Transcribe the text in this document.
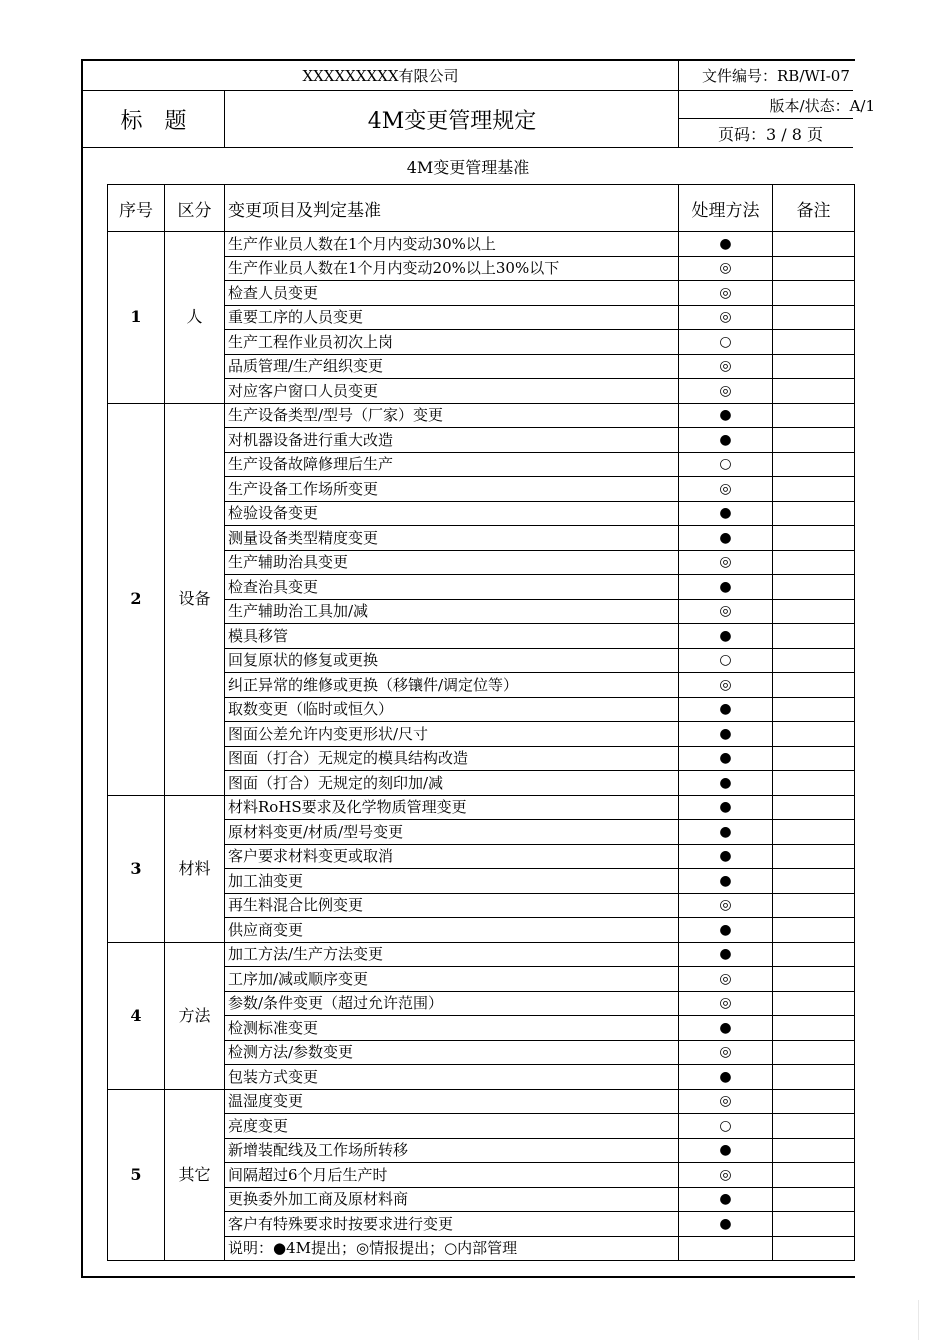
XXXXXXXXX有限公司	文件编号：RB/WI-07
标　题	4M变更管理规定
版本/状态：A/1
页码：3 / 8 页
4M变更管理基准
序号	区分	变更项目及判定基准	处理方法	备注
1	人	生产作业员人数在1个月内变动30%以上	●	
		生产作业员人数在1个月内变动20%以上30%以下	◎	
		检查人员变更	◎	
		重要工序的人员变更	◎	
		生产工程作业员初次上岗	○	
		品质管理/生产组织变更	◎	
		对应客户窗口人员变更	◎	
2	设备	生产设备类型/型号（厂家）变更	●	
		对机器设备进行重大改造	●	
		生产设备故障修理后生产	○	
		生产设备工作场所变更	◎	
		检验设备变更	●	
		测量设备类型精度变更	●	
		生产辅助治具变更	◎	
		检查治具变更	●	
		生产辅助治工具加/减	◎	
		模具移管	●	
		回复原状的修复或更换	○	
		纠正异常的维修或更换（移镶件/调定位等）	◎	
		取数变更（临时或恒久）	●	
		图面公差允许内变更形状/尺寸	●	
		图面（打合）无规定的模具结构改造	●	
		图面（打合）无规定的刻印加/减	●	
3	材料	材料RoHS要求及化学物质管理变更	●	
		原材料变更/材质/型号变更	●	
		客户要求材料变更或取消	●	
		加工油变更	●	
		再生料混合比例变更	◎	
		供应商变更	●	
4	方法	加工方法/生产方法变更	●	
		工序加/减或顺序变更	◎	
		参数/条件变更（超过允许范围）	◎	
		检测标准变更	●	
		检测方法/参数变更	◎	
		包装方式变更	●	
5	其它	温湿度变更	◎	
		亮度变更	○	
		新增装配线及工作场所转移	●	
		间隔超过6个月后生产时	◎	
		更换委外加工商及原材料商	●	
		客户有特殊要求时按要求进行变更	●	
		说明：●4M提出；◎情报提出；○内部管理		
